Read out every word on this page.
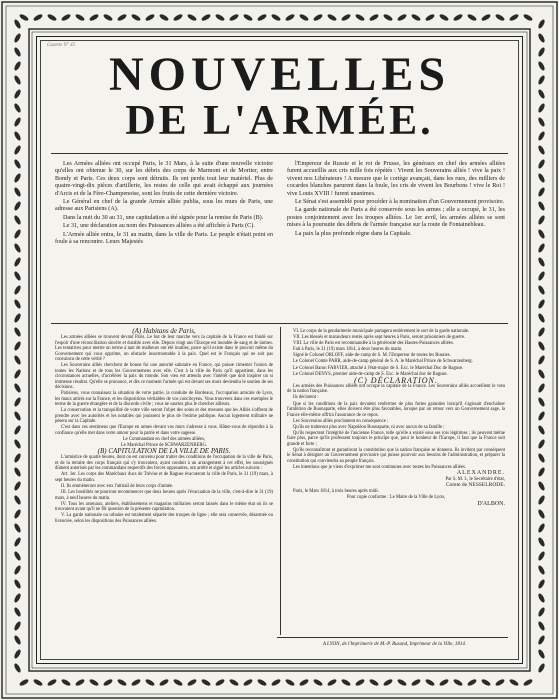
Gazette N° 45
NOUVELLES
DE L'ARMÉE.

Les Armées alliées ont occupé Paris, le 31 Mars, à la suite d'une nouvelle victoire qu'elles ont obtenue le 30, sur les débris des corps de Marmont et de Mortier, entre Bondy et Paris. Ces deux corps sont détruits. Ils ont perdu tout leur matériel. Plus de quatre-vingt-dix pièces d'artillerie, les restes de celle qui avait échappé aux journées d'Arcis et de la Fère-Champenoise, sont les fruits de cette dernière victoire.

Le Général en chef de la grande Armée alliée publia, sous les murs de Paris, une adresse aux Parisiens (A).

Dans la nuit du 30 au 31, une capitulation a été signée pour la remise de Paris (B).

Le 31, une déclaration au nom des Puissances alliées a été affichée à Paris (C).

L'Armée alliée entra, le 31 au matin, dans la ville de Paris. Le peuple n'était point en foule à sa rencontre. Leurs Majestés

l'Empereur de Russie et le roi de Prusse, les généraux en chef des armées alliées furent accueillis aux cris mille fois répétés : Vivent les Souverains alliés ! vive la paix ! vivent nos Libérateurs ! A mesure que le cortège avançait, dans les rues, des milliers de cocardes blanches parurent dans la foule, les cris de vivent les Bourbons ! vive le Roi ! vive Louis XVIII ! furent unanimes.

Le Sénat s'est assemblé pour procéder à la nomination d'un Gouvernement provisoire.

La garde nationale de Paris a été conservée sous les armes ; elle a occupé, le 31, les postes conjointement avec les troupes alliées. Le 1er avril, les armées alliées se sont mises à la poursuite des débris de l'armée française sur la route de Fontainebleau.

La paix la plus profonde règne dans la Capitale.

(A) Habitans de Paris,

Les armées alliées se trouvent devant Paris. Le but de leur marche vers la capitale de la France est fondé sur l'espoir d'une réconciliation sincère et durable avec elle. Depuis vingt ans l'Europe est inondée de sang et de larmes. Les tentatives pour mettre un terme à tant de malheurs ont été inutiles, parce qu'il existe dans le pouvoir même du Gouvernement qui vous opprime, un obstacle insurmontable à la paix. Quel est le Français qui ne soit pas convaincu de cette vérité ?

Les Souverains alliés cherchent de bonne foi une autorité salutaire en France, qui puisse cimenter l'union de toutes les Nations et de tous les Gouvernemens avec elle. C'est à la ville de Paris qu'il appartient, dans les circonstances actuelles, d'accélérer la paix du monde. Son vœu est attendu avec l'intérêt que doit inspirer un si immense résultat. Qu'elle se prononce, et dès ce moment l'armée qui est devant ses murs deviendra le soutien de ses décisions.

Parisiens, vous connaissez la situation de votre patrie, la conduite de Bordeaux, l'occupation amicale de Lyon, les maux attirés sur la France, et les dispositions véritables de vos concitoyens. Vous trouverez dans ces exemples le terme de la guerre étrangère et de la discorde civile ; vous ne sauriez plus le chercher ailleurs.

La conservation et la tranquillité de votre ville seront l'objet des soins et des mesures que les Alliés s'offrent de prendre avec les autorités et les notables qui jouissent le plus de l'estime publique. Aucun logement militaire ne pèsera sur la Capitale.

C'est dans ces sentimens que l'Europe en armes devant vos murs s'adresse à vous. Hâtez-vous de répondre à la confiance qu'elle met dans votre amour pour la patrie et dans votre sagesse.

Le Commandant en chef des armées alliées,

Le Maréchal Prince de SCHWARZENBERG.

(B) CAPITULATION DE LA VILLE DE PARIS.

L'armistice de quatre heures, dont on est convenu pour traiter des conditions de l'occupation de la ville de Paris, et de la retraite des corps français qui s'y trouvaient, ayant conduit à un arrangement à cet effet, les soussignés dûment autorisés par les commandans respectifs des forces opposantes, ont arrêté et signé les articles suivans :

Art. 1er. Les corps des Maréchaux ducs de Trévise et de Raguse évacueront la ville de Paris, le 31 (19) mars, à sept heures du matin.

II. Ils emmèneront avec eux l'attirail de leurs corps d'armée.

III. Les hostilités ne pourront recommencer que deux heures après l'évacuation de la ville, c'est-à-dire le 31 (19) mars, à neuf heures du matin.

IV. Tous les arsenaux, ateliers, établissemens et magasins militaires seront laissés dans le même état où ils se trouvaient avant qu'il ne fût question de la présente capitulation.

V. La garde nationale ou urbaine est totalement séparée des troupes de ligne ; elle sera conservée, désarmée ou licenciée, selon les dispositions des Puissances alliées.

VI. Le corps de la gendarmerie municipale partagera entièrement le sort de la garde nationale.

VII. Les blessés et maraudeurs restés après sept heures à Paris, seront prisonniers de guerre.

VIII. La ville de Paris est recommandée à la générosité des Hautes-Puissances alliées.

Fait à Paris, le 31 (19) mars 1814, à deux heures du matin.

Signé le Colonel ORLOFF, aide-de-camp de S. M. l'Empereur de toutes les Russies.

Le Colonel Comte PARR, aide-de-camp général de S. A. le Maréchal Prince de Schwarzenberg.

Le Colonel Baron FABVIER, attaché à l'état-major de S. Exc. le Maréchal Duc de Raguse.

Le Colonel DENYS, premier aide-de-camp de S. Exc. le Maréchal duc de Raguse.

(C) DÉCLARATION.

Les armées des Puissances alliées ont occupé la capitale de la France. Les Souverains alliés accueillent le vœu de la nation française.

Ils déclarent :

Que si les conditions de la paix devaient renfermer de plus fortes garanties lorsqu'il s'agissait d'enchaîner l'ambition de Buonaparte, elles doivent être plus favorables, lorsque par un retour vers un Gouvernement sage, la France elle-même offrira l'assurance de ce repos.

Les Souverains alliés proclament en conséquence :

Qu'ils ne traiteront plus avec Napoléon Buonaparte, ni avec aucun de sa famille ;

Qu'ils respectent l'intégrité de l'ancienne France, telle qu'elle a existé sous ses rois légitimes ; ils peuvent même faire plus, parce qu'ils professent toujours le principe que, pour le bonheur de l'Europe, il faut que la France soit grande et forte ;

Qu'ils reconnaîtront et garantiront la constitution que la nation française se donnera. Ils invitent par conséquent le Sénat à désigner un Gouvernement provisoire qui puisse pourvoir aux besoins de l'administration, et préparer la constitution qui conviendra au peuple français.

Les intentions que je viens d'exprimer me sont communes avec toutes les Puissances alliées.

ALEXANDRE.

Par S. M. I., le Secrétaire d'état,

Comte de NESSELRODE.

Paris, le Mars 1814, à trois heures après midi.

Pour copie conforme : Le Maire de la Ville de Lyon,

D'ALBON.

A LYON, de l'Imprimerie de M.-P. Rusand, Imprimeur de la Ville, 1814.
